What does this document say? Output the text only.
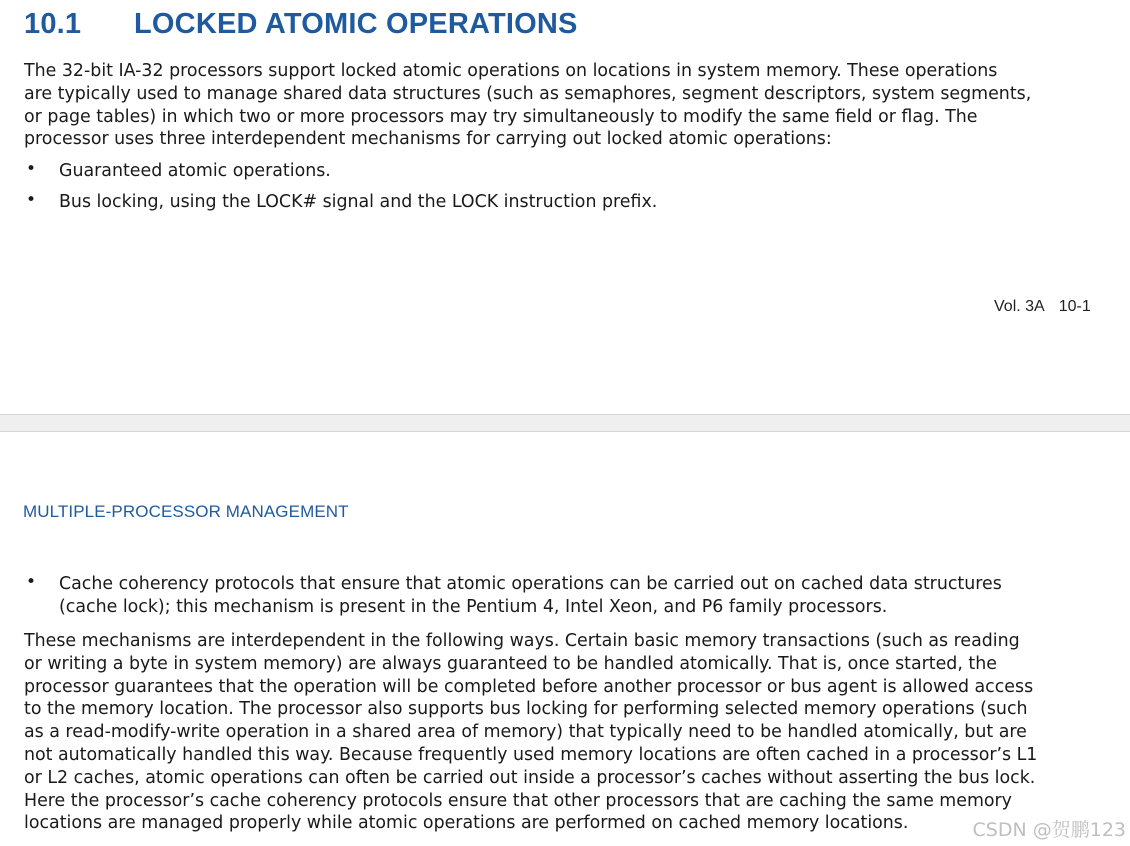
10.1 LOCKED ATOMIC OPERATIONS

The 32-bit IA-32 processors support locked atomic operations on locations in system memory. These operations
are typically used to manage shared data structures (such as semaphores, segment descriptors, system segments,
or page tables) in which two or more processors may try simultaneously to modify the same field or flag. The
processor uses three interdependent mechanisms for carrying out locked atomic operations:

• Guaranteed atomic operations.
• Bus locking, using the LOCK# signal and the LOCK instruction prefix.
Vol. 3A 10-1
MULTIPLE-PROCESSOR MANAGEMENT
• Cache coherency protocols that ensure that atomic operations can be carried out on cached data structures
(cache lock); this mechanism is present in the Pentium 4, Intel Xeon, and P6 family processors.

These mechanisms are interdependent in the following ways. Certain basic memory transactions (such as reading
or writing a byte in system memory) are always guaranteed to be handled atomically. That is, once started, the
processor guarantees that the operation will be completed before another processor or bus agent is allowed access
to the memory location. The processor also supports bus locking for performing selected memory operations (such
as a read-modify-write operation in a shared area of memory) that typically need to be handled atomically, but are
not automatically handled this way. Because frequently used memory locations are often cached in a processor’s L1
or L2 caches, atomic operations can often be carried out inside a processor’s caches without asserting the bus lock.
Here the processor’s cache coherency protocols ensure that other processors that are caching the same memory
locations are managed properly while atomic operations are performed on cached memory locations.	CSDN @贺鹏123
